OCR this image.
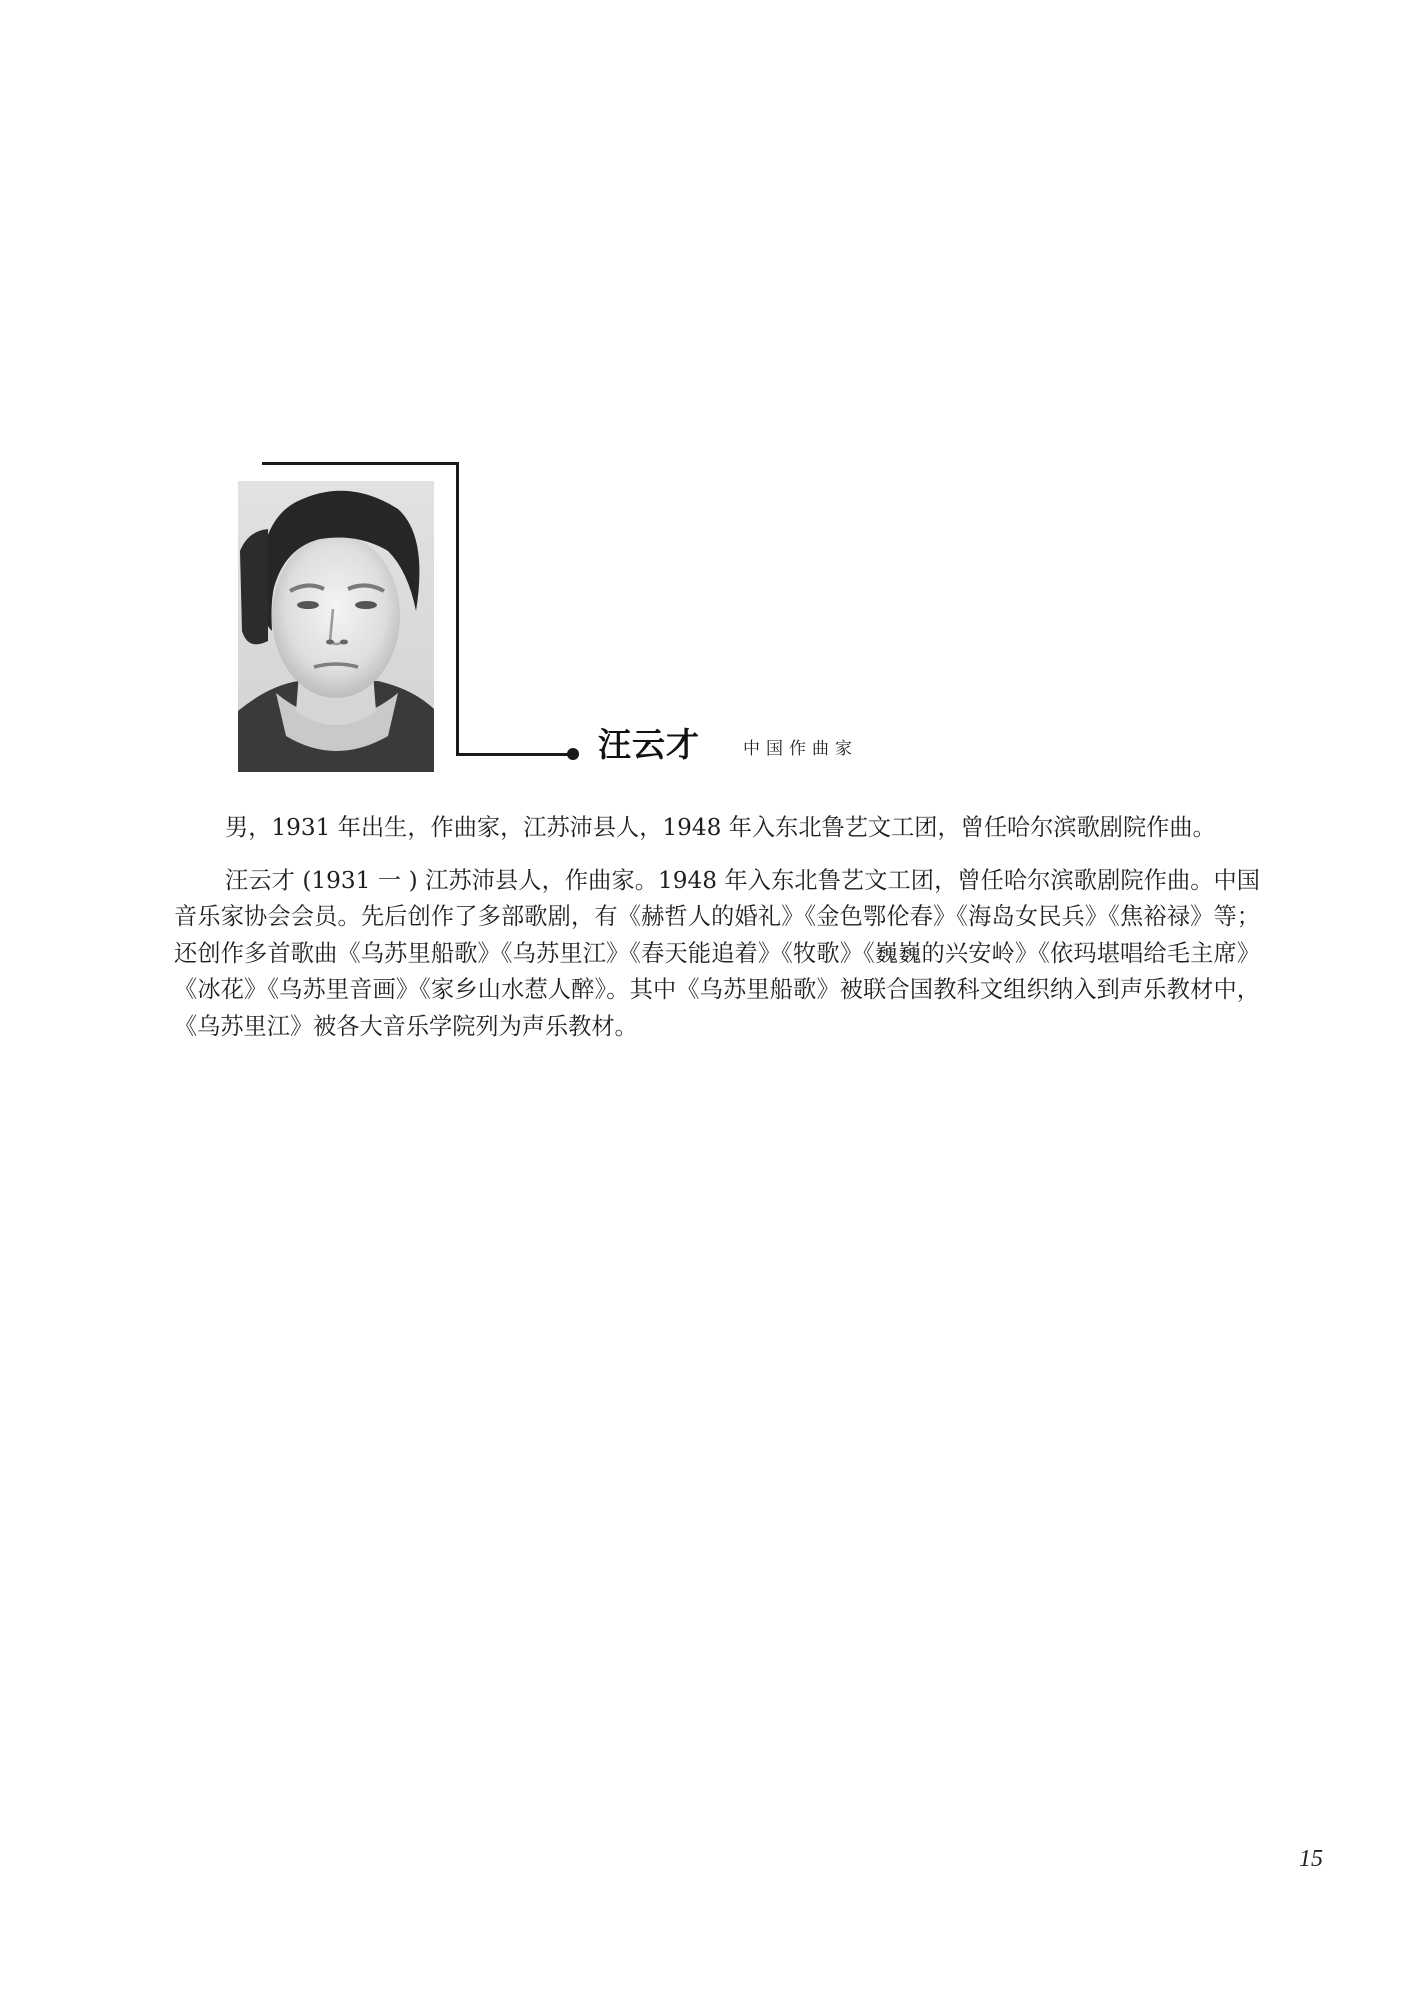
汪云才	中国作曲家

男，1931 年出生，作曲家，江苏沛县人，1948 年入东北鲁艺文工团，曾任哈尔滨歌剧院作曲。

汪云才 (1931 一 ) 江苏沛县人，作曲家。1948 年入东北鲁艺文工团，曾任哈尔滨歌剧院作曲。中国音乐家协会会员。先后创作了多部歌剧，有《赫哲人的婚礼》《金色鄂伦春》《海岛女民兵》《焦裕禄》等；还创作多首歌曲《乌苏里船歌》《乌苏里江》《春天能追着》《牧歌》《巍巍的兴安岭》《依玛堪唱给毛主席》《冰花》《乌苏里音画》《家乡山水惹人醉》。其中《乌苏里船歌》被联合国教科文组织纳入到声乐教材中，《乌苏里江》被各大音乐学院列为声乐教材。

15
